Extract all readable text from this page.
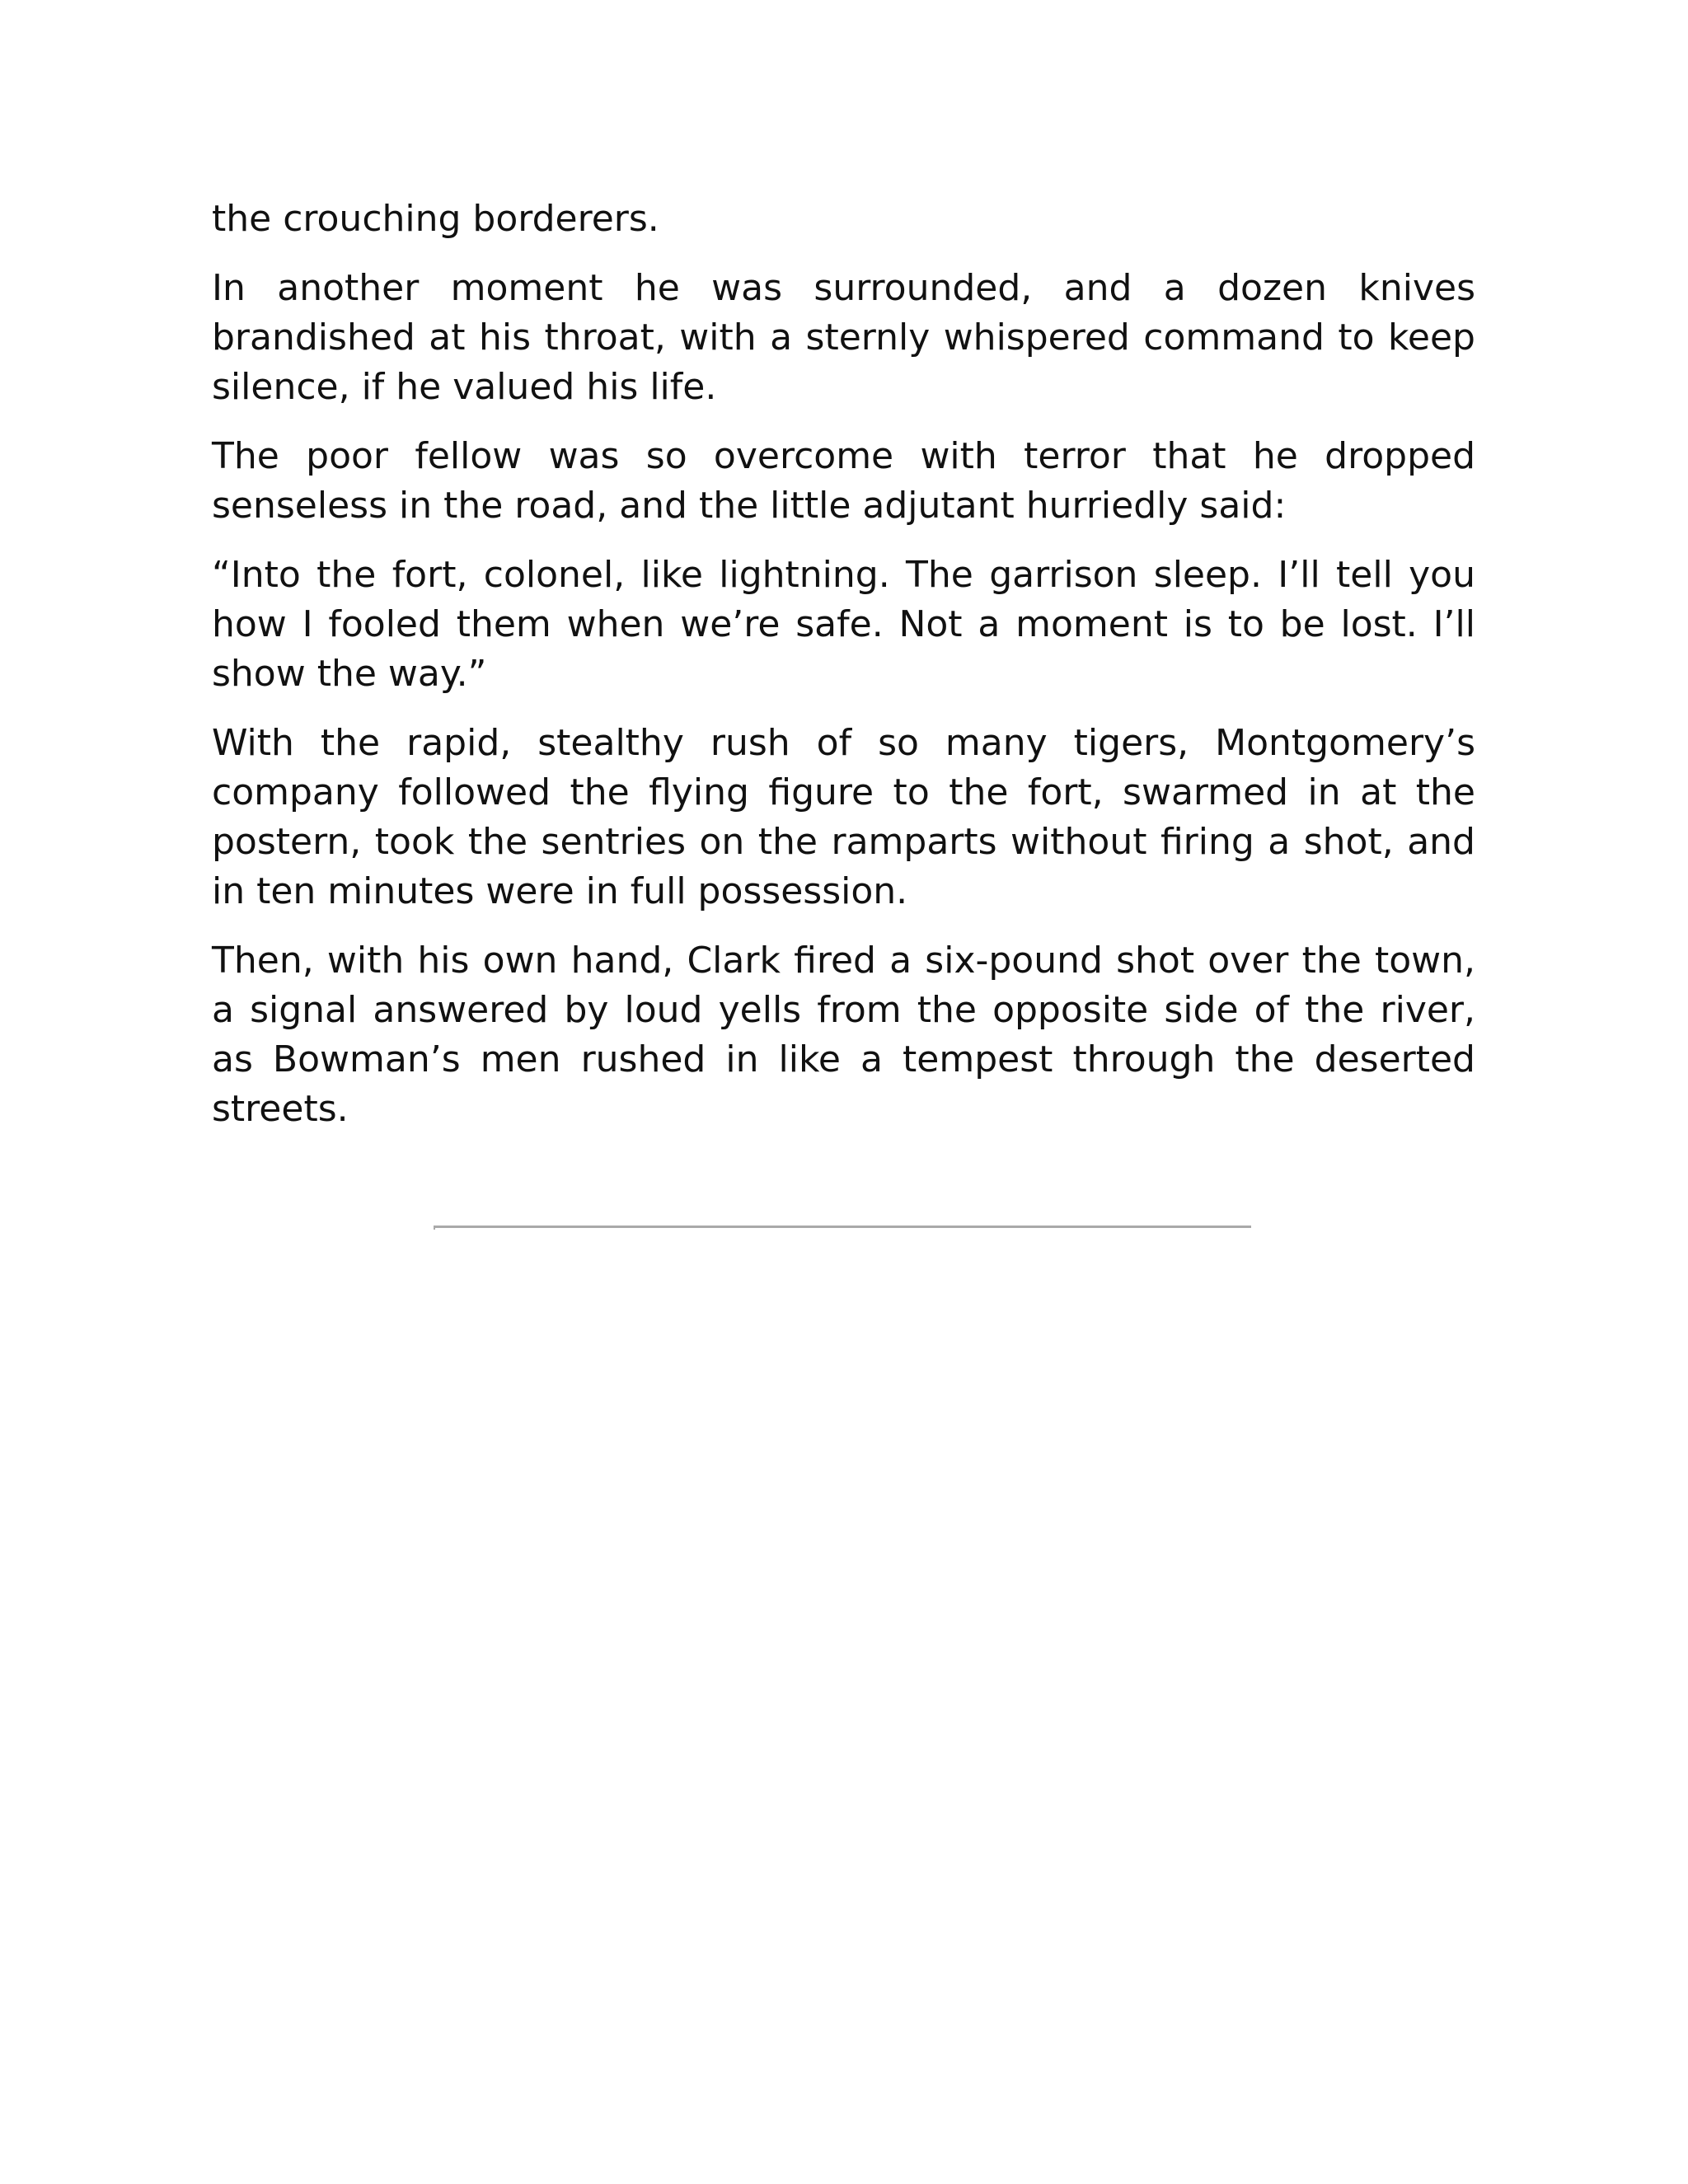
the crouching borderers.

In another moment he was surrounded, and a dozen knives brandished at his throat, with a sternly whispered command to keep silence, if he valued his life.

The poor fellow was so overcome with terror that he dropped senseless in the road, and the little adjutant hurriedly said:

“Into the fort, colonel, like lightning. The garrison sleep. I’ll tell you how I fooled them when we’re safe. Not a moment is to be lost. I’ll show the way.”

With the rapid, stealthy rush of so many tigers, Montgomery’s company followed the flying figure to the fort, swarmed in at the postern, took the sentries on the ramparts without firing a shot, and in ten minutes were in full possession.

Then, with his own hand, Clark fired a six-pound shot over the town, a signal answered by loud yells from the opposite side of the river, as Bowman’s men rushed in like a tempest through the deserted streets.
